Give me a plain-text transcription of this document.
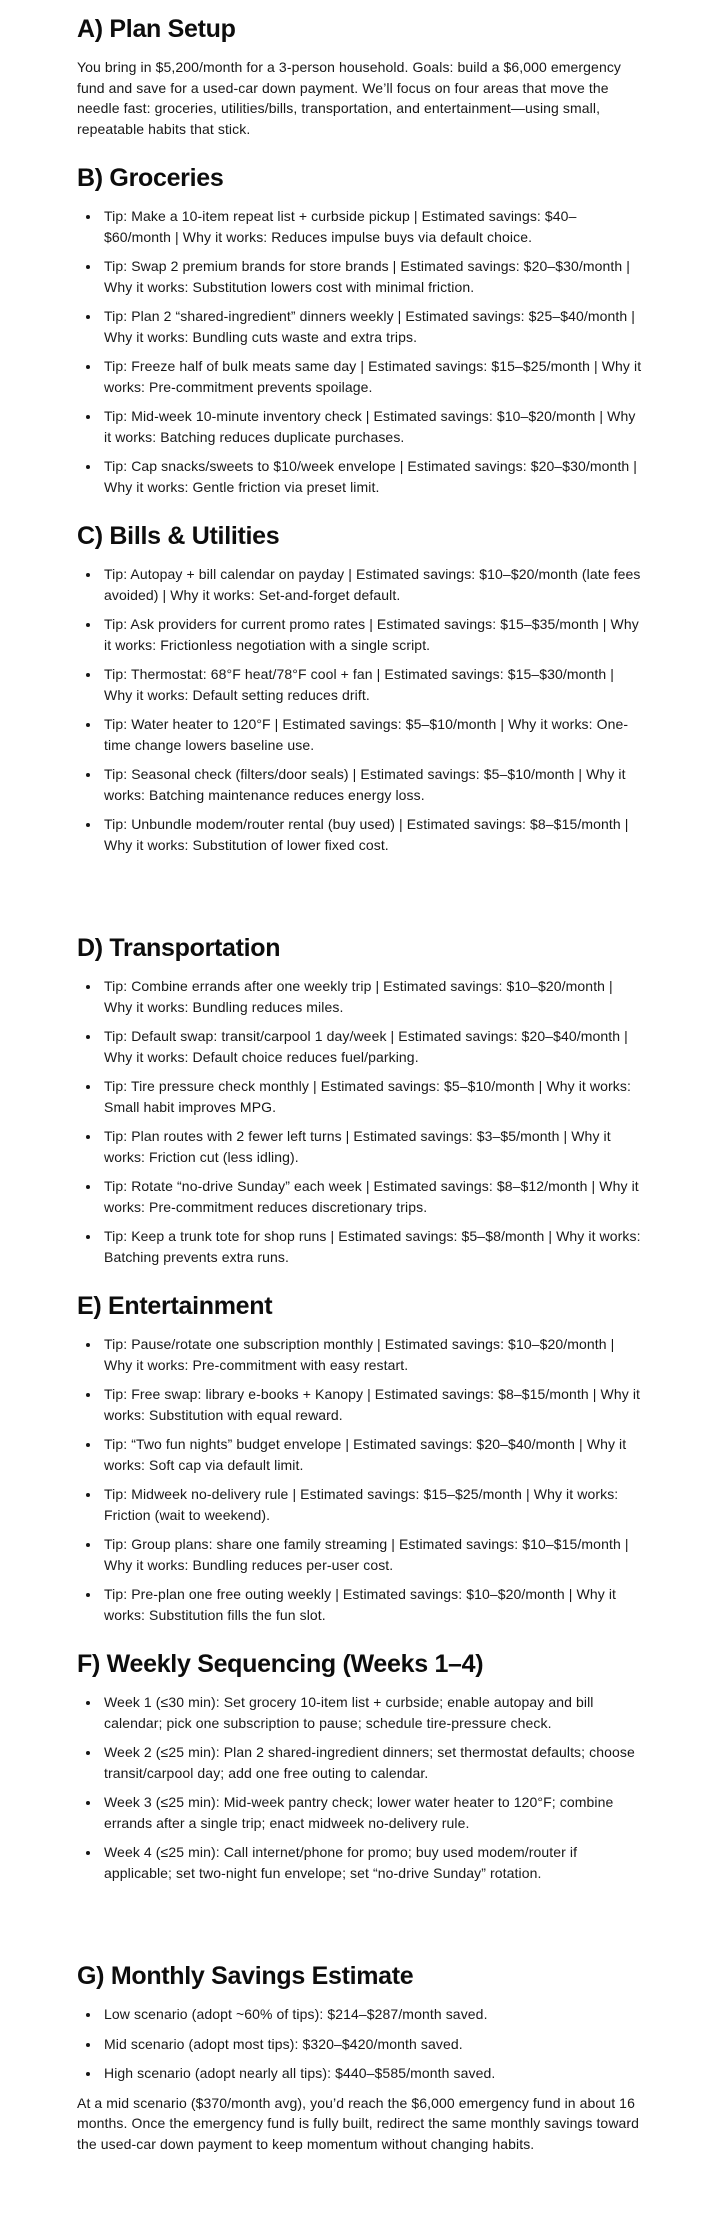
A) Plan Setup

You bring in $5,200/month for a 3-person household. Goals: build a $6,000 emergency fund and save for a used-car down payment. We’ll focus on four areas that move the needle fast: groceries, utilities/bills, transportation, and entertainment—using small, repeatable habits that stick.

B) Groceries
• Tip: Make a 10-item repeat list + curbside pickup | Estimated savings: $40–$60/month | Why it works: Reduces impulse buys via default choice.
• Tip: Swap 2 premium brands for store brands | Estimated savings: $20–$30/month | Why it works: Substitution lowers cost with minimal friction.
• Tip: Plan 2 “shared-ingredient” dinners weekly | Estimated savings: $25–$40/month | Why it works: Bundling cuts waste and extra trips.
• Tip: Freeze half of bulk meats same day | Estimated savings: $15–$25/month | Why it works: Pre-commitment prevents spoilage.
• Tip: Mid-week 10-minute inventory check | Estimated savings: $10–$20/month | Why it works: Batching reduces duplicate purchases.
• Tip: Cap snacks/sweets to $10/week envelope | Estimated savings: $20–$30/month | Why it works: Gentle friction via preset limit.
C) Bills & Utilities
• Tip: Autopay + bill calendar on payday | Estimated savings: $10–$20/month (late fees avoided) | Why it works: Set-and-forget default.
• Tip: Ask providers for current promo rates | Estimated savings: $15–$35/month | Why it works: Frictionless negotiation with a single script.
• Tip: Thermostat: 68°F heat/78°F cool + fan | Estimated savings: $15–$30/month | Why it works: Default setting reduces drift.
• Tip: Water heater to 120°F | Estimated savings: $5–$10/month | Why it works: One-time change lowers baseline use.
• Tip: Seasonal check (filters/door seals) | Estimated savings: $5–$10/month | Why it works: Batching maintenance reduces energy loss.
• Tip: Unbundle modem/router rental (buy used) | Estimated savings: $8–$15/month | Why it works: Substitution of lower fixed cost.
D) Transportation
• Tip: Combine errands after one weekly trip | Estimated savings: $10–$20/month | Why it works: Bundling reduces miles.
• Tip: Default swap: transit/carpool 1 day/week | Estimated savings: $20–$40/month | Why it works: Default choice reduces fuel/parking.
• Tip: Tire pressure check monthly | Estimated savings: $5–$10/month | Why it works: Small habit improves MPG.
• Tip: Plan routes with 2 fewer left turns | Estimated savings: $3–$5/month | Why it works: Friction cut (less idling).
• Tip: Rotate “no-drive Sunday” each week | Estimated savings: $8–$12/month | Why it works: Pre-commitment reduces discretionary trips.
• Tip: Keep a trunk tote for shop runs | Estimated savings: $5–$8/month | Why it works: Batching prevents extra runs.
E) Entertainment
• Tip: Pause/rotate one subscription monthly | Estimated savings: $10–$20/month | Why it works: Pre-commitment with easy restart.
• Tip: Free swap: library e-books + Kanopy | Estimated savings: $8–$15/month | Why it works: Substitution with equal reward.
• Tip: “Two fun nights” budget envelope | Estimated savings: $20–$40/month | Why it works: Soft cap via default limit.
• Tip: Midweek no-delivery rule | Estimated savings: $15–$25/month | Why it works: Friction (wait to weekend).
• Tip: Group plans: share one family streaming | Estimated savings: $10–$15/month | Why it works: Bundling reduces per-user cost.
• Tip: Pre-plan one free outing weekly | Estimated savings: $10–$20/month | Why it works: Substitution fills the fun slot.
F) Weekly Sequencing (Weeks 1–4)
• Week 1 (≤30 min): Set grocery 10-item list + curbside; enable autopay and bill calendar; pick one subscription to pause; schedule tire-pressure check.
• Week 2 (≤25 min): Plan 2 shared-ingredient dinners; set thermostat defaults; choose transit/carpool day; add one free outing to calendar.
• Week 3 (≤25 min): Mid-week pantry check; lower water heater to 120°F; combine errands after a single trip; enact midweek no-delivery rule.
• Week 4 (≤25 min): Call internet/phone for promo; buy used modem/router if applicable; set two-night fun envelope; set “no-drive Sunday” rotation.
G) Monthly Savings Estimate
• Low scenario (adopt ~60% of tips): $214–$287/month saved.
• Mid scenario (adopt most tips): $320–$420/month saved.
• High scenario (adopt nearly all tips): $440–$585/month saved.

At a mid scenario ($370/month avg), you’d reach the $6,000 emergency fund in about 16 months. Once the emergency fund is fully built, redirect the same monthly savings toward the used-car down payment to keep momentum without changing habits.
